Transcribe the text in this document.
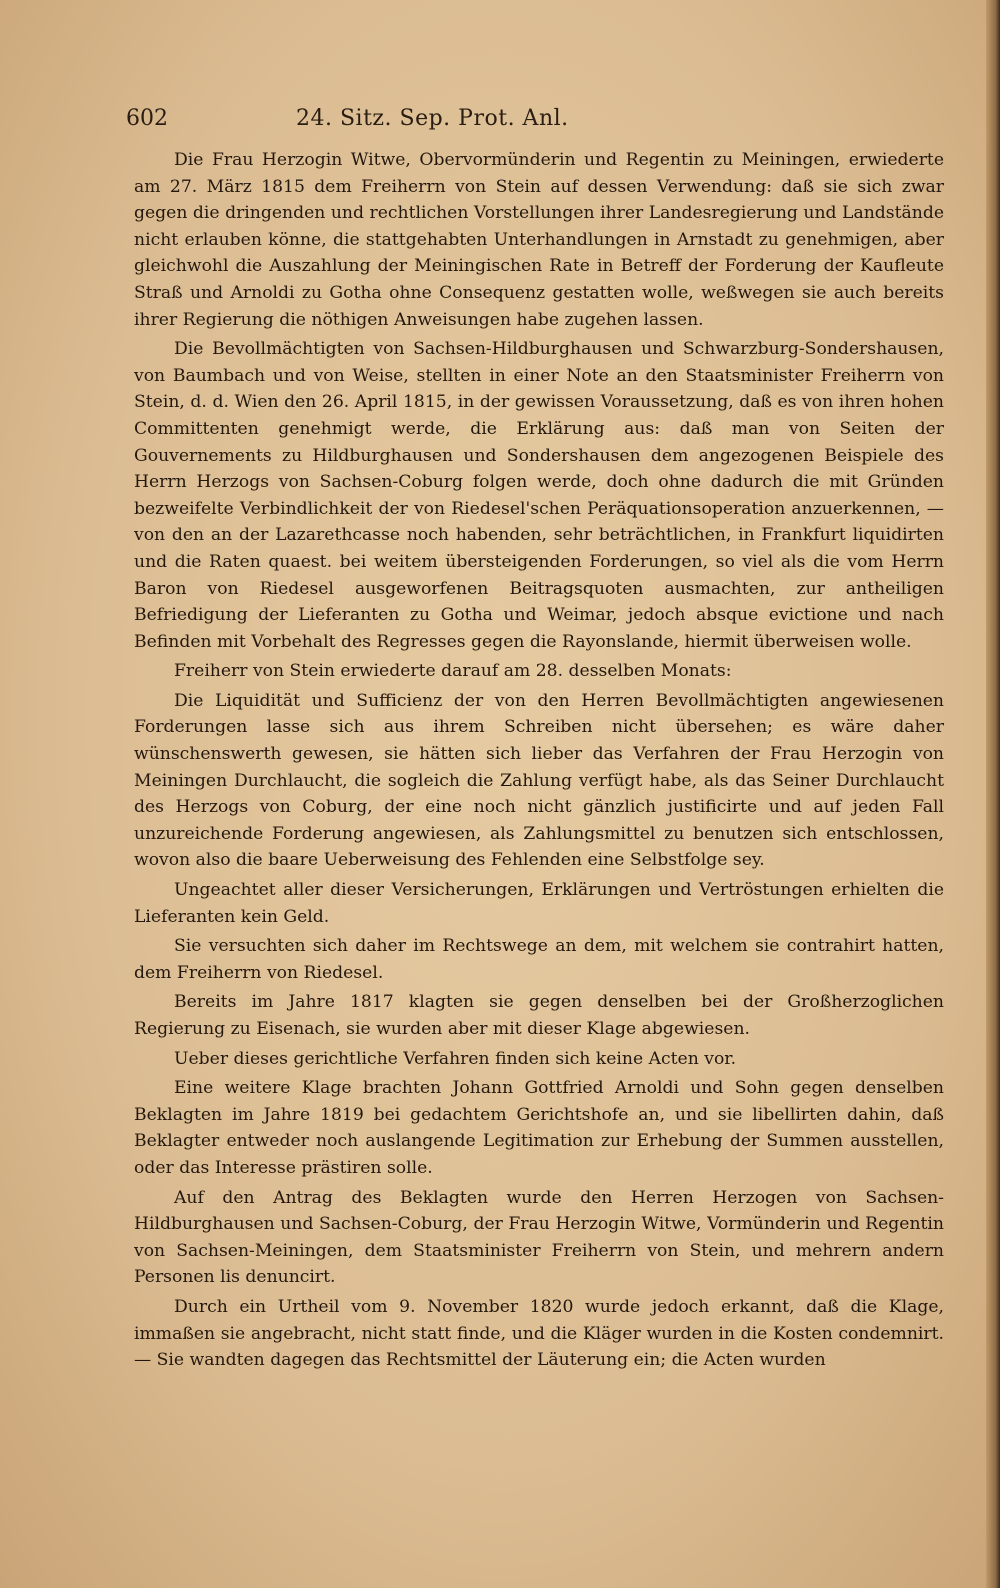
602	24. Sitz. Sep. Prot. Anl.

Die Frau Herzogin Witwe, Obervormünderin und Regentin zu Meiningen, erwiederte am 27. März 1815 dem Freiherrn von Stein auf dessen Verwendung: daß sie sich zwar gegen die dringenden und rechtlichen Vorstellungen ihrer Landesregierung und Landstände nicht erlauben könne, die stattgehabten Unterhandlungen in Arnstadt zu genehmigen, aber gleichwohl die Auszahlung der Meiningischen Rate in Betreff der Forderung der Kaufleute Straß und Arnoldi zu Gotha ohne Consequenz gestatten wolle, weßwegen sie auch bereits ihrer Regierung die nöthigen Anweisungen habe zugehen lassen.

Die Bevollmächtigten von Sachsen-Hildburghausen und Schwarzburg-Sondershausen, von Baumbach und von Weise, stellten in einer Note an den Staatsminister Freiherrn von Stein, d. d. Wien den 26. April 1815, in der gewissen Voraussetzung, daß es von ihren hohen Committenten genehmigt werde, die Erklärung aus: daß man von Seiten der Gouvernements zu Hildburghausen und Sondershausen dem angezogenen Beispiele des Herrn Herzogs von Sachsen-Coburg folgen werde, doch ohne dadurch die mit Gründen bezweifelte Verbindlichkeit der von Riedesel'schen Peräquationsoperation anzuerkennen, — von den an der Lazarethcasse noch habenden, sehr beträchtlichen, in Frankfurt liquidirten und die Raten quaest. bei weitem übersteigenden Forderungen, so viel als die vom Herrn Baron von Riedesel ausgeworfenen Beitragsquoten ausmachten, zur antheiligen Befriedigung der Lieferanten zu Gotha und Weimar, jedoch absque evictione und nach Befinden mit Vorbehalt des Regresses gegen die Rayonslande, hiermit überweisen wolle.

Freiherr von Stein erwiederte darauf am 28. desselben Monats:

Die Liquidität und Sufficienz der von den Herren Bevollmächtigten angewiesenen Forderungen lasse sich aus ihrem Schreiben nicht übersehen; es wäre daher wünschenswerth gewesen, sie hätten sich lieber das Verfahren der Frau Herzogin von Meiningen Durchlaucht, die sogleich die Zahlung verfügt habe, als das Seiner Durchlaucht des Herzogs von Coburg, der eine noch nicht gänzlich justificirte und auf jeden Fall unzureichende Forderung angewiesen, als Zahlungsmittel zu benutzen sich entschlossen, wovon also die baare Ueberweisung des Fehlenden eine Selbstfolge sey.

Ungeachtet aller dieser Versicherungen, Erklärungen und Vertröstungen erhielten die Lieferanten kein Geld.

Sie versuchten sich daher im Rechtswege an dem, mit welchem sie contrahirt hatten, dem Freiherrn von Riedesel.

Bereits im Jahre 1817 klagten sie gegen denselben bei der Großherzoglichen Regierung zu Eisenach, sie wurden aber mit dieser Klage abgewiesen.

Ueber dieses gerichtliche Verfahren finden sich keine Acten vor.

Eine weitere Klage brachten Johann Gottfried Arnoldi und Sohn gegen denselben Beklagten im Jahre 1819 bei gedachtem Gerichtshofe an, und sie libellirten dahin, daß Beklagter entweder noch auslangende Legitimation zur Erhebung der Summen ausstellen, oder das Interesse prästiren solle.

Auf den Antrag des Beklagten wurde den Herren Herzogen von Sachsen-Hildburghausen und Sachsen-Coburg, der Frau Herzogin Witwe, Vormünderin und Regentin von Sachsen-Meiningen, dem Staatsminister Freiherrn von Stein, und mehrern andern Personen lis denuncirt.

Durch ein Urtheil vom 9. November 1820 wurde jedoch erkannt, daß die Klage, immaßen sie angebracht, nicht statt finde, und die Kläger wurden in die Kosten condemnirt. — Sie wandten dagegen das Rechtsmittel der Läuterung ein; die Acten wurden
